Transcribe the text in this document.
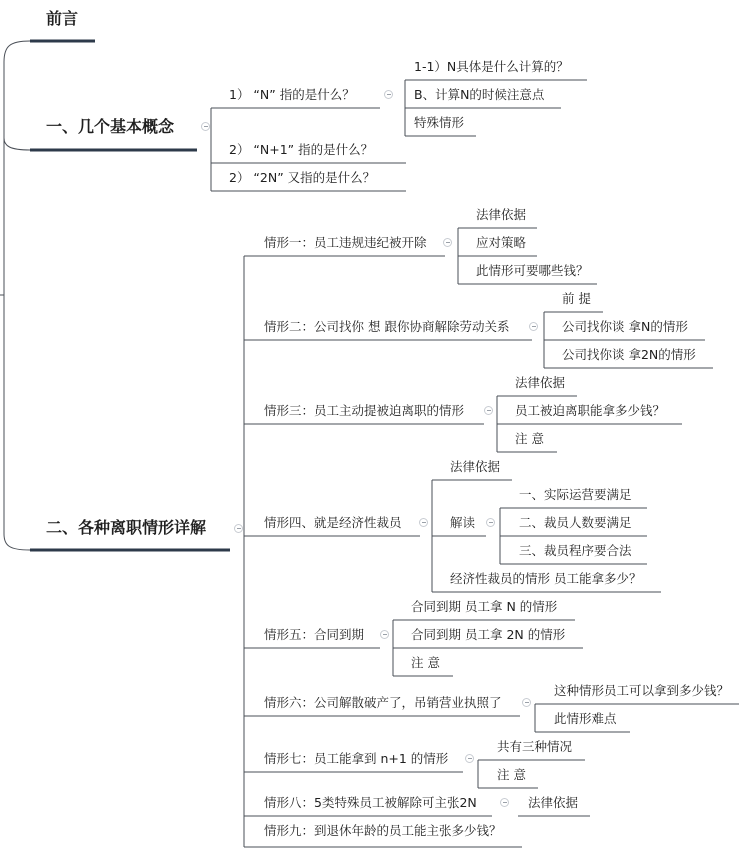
前言
一、几个基本概念
二、各种离职情形详解
1） “N” 指的是什么？
1-1）N具体是什么计算的？
B、计算N的时候注意点
特殊情形
2） “N+1” 指的是什么？
2） “2N” 又指的是什么？
情形一：员工违规违纪被开除
法律依据
应对策略
此情形可要哪些钱？
情形二：公司找你 想 跟你协商解除劳动关系
前 提
公司找你谈 拿N的情形
公司找你谈 拿2N的情形
情形三：员工主动提被迫离职的情形
法律依据
员工被迫离职能拿多少钱？
注 意
情形四、就是经济性裁员
法律依据
解读
一、实际运营要满足
二、裁员人数要满足
三、裁员程序要合法
经济性裁员的情形 员工能拿多少？
情形五：合同到期
合同到期 员工拿 N 的情形
合同到期 员工拿 2N 的情形
注 意
情形六：公司解散破产了，吊销营业执照了
这种情形员工可以拿到多少钱？
此情形难点
情形七：员工能拿到 n+1 的情形
共有三种情况
注 意
情形八：5类特殊员工被解除可主张2N	法律依据
情形九：到退休年龄的员工能主张多少钱？
